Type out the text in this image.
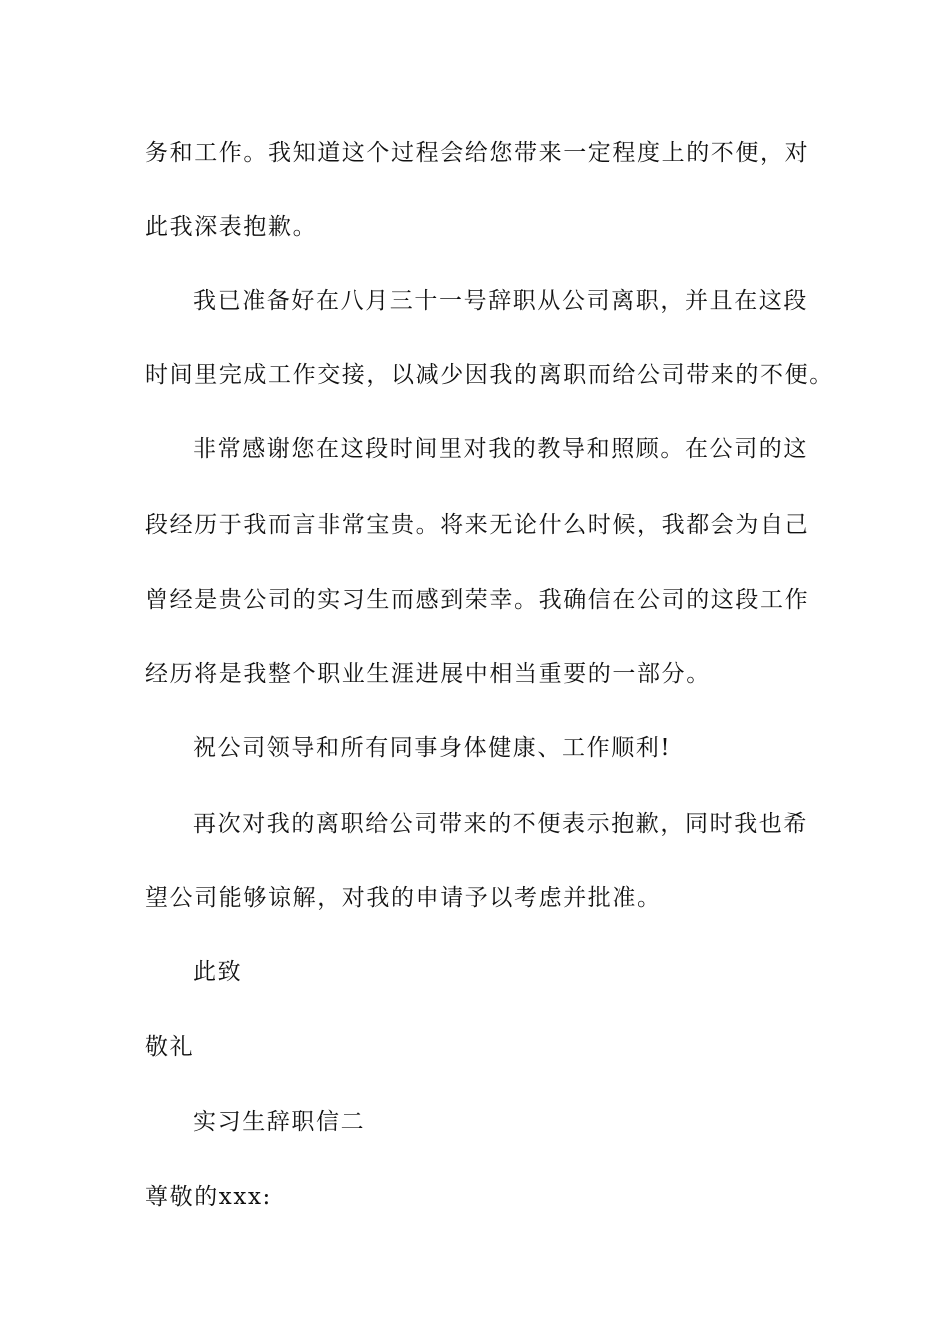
务和工作。我知道这个过程会给您带来一定程度上的不便，对

此我深表抱歉。

我已准备好在八月三十一号辞职从公司离职，并且在这段

时间里完成工作交接，以减少因我的离职而给公司带来的不便。

非常感谢您在这段时间里对我的教导和照顾。在公司的这

段经历于我而言非常宝贵。将来无论什么时候，我都会为自己

曾经是贵公司的实习生而感到荣幸。我确信在公司的这段工作

经历将是我整个职业生涯进展中相当重要的一部分。

祝公司领导和所有同事身体健康、工作顺利!

再次对我的离职给公司带来的不便表示抱歉，同时我也希

望公司能够谅解，对我的申请予以考虑并批准。

此致

敬礼

实习生辞职信二

尊敬的xxx:
